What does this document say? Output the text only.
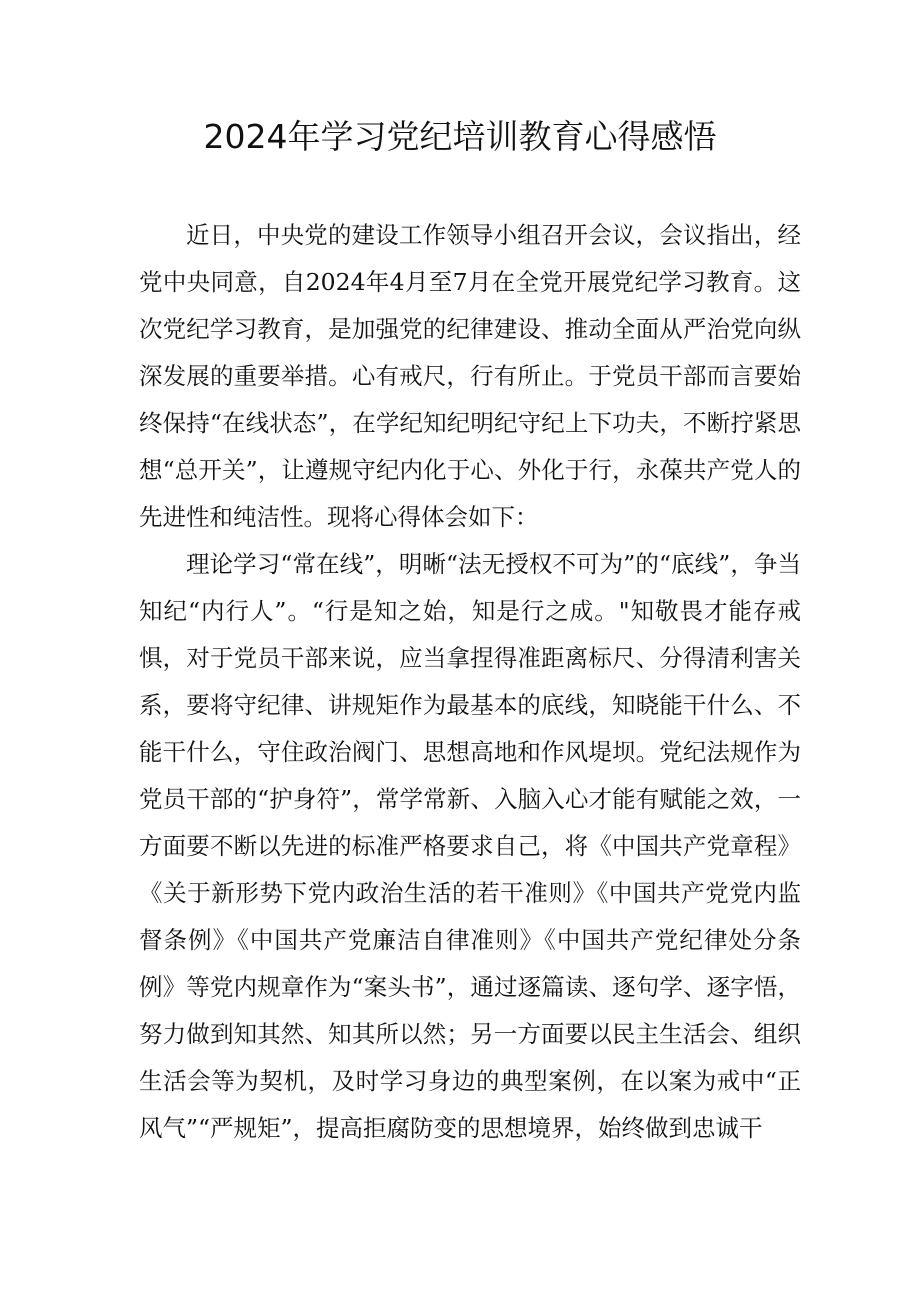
2024年学习党纪培训教育心得感悟

近日，中央党的建设工作领导小组召开会议，会议指出，经党中央同意，自2024年4月至7月在全党开展党纪学习教育。这次党纪学习教育，是加强党的纪律建设、推动全面从严治党向纵深发展的重要举措。心有戒尺，行有所止。于党员干部而言要始终保持“在线状态”，在学纪知纪明纪守纪上下功夫，不断拧紧思想“总开关”，让遵规守纪内化于心、外化于行，永葆共产党人的先进性和纯洁性。现将心得体会如下：

理论学习“常在线”，明晰“法无授权不可为”的“底线”，争当知纪“内行人”。“行是知之始，知是行之成。"知敬畏才能存戒惧，对于党员干部来说，应当拿捏得准距离标尺、分得清利害关系，要将守纪律、讲规矩作为最基本的底线，知晓能干什么、不能干什么，守住政治阀门、思想高地和作风堤坝。党纪法规作为党员干部的“护身符”，常学常新、入脑入心才能有赋能之效，一方面要不断以先进的标准严格要求自己，将《中国共产党章程》《关于新形势下党内政治生活的若干准则》《中国共产党党内监督条例》《中国共产党廉洁自律准则》《中国共产党纪律处分条例》等党内规章作为“案头书”，通过逐篇读、逐句学、逐字悟，努力做到知其然、知其所以然；另一方面要以民主生活会、组织生活会等为契机，及时学习身边的典型案例，在以案为戒中“正风气”“严规矩”，提高拒腐防变的思想境界，始终做到忠诚干
